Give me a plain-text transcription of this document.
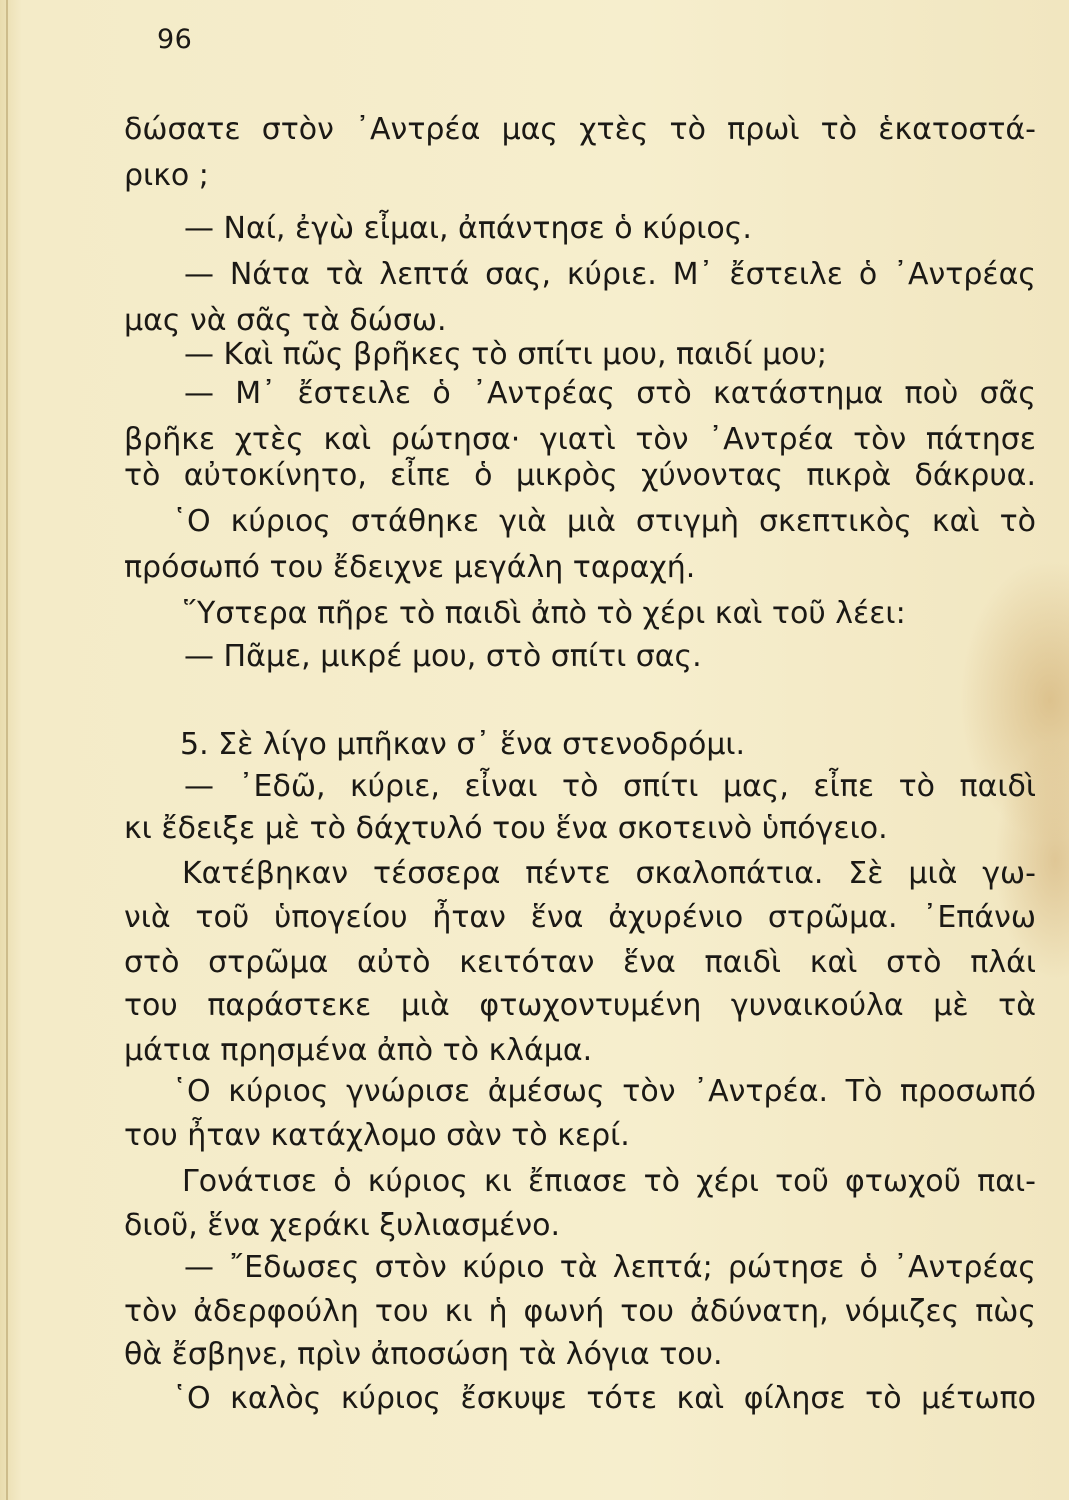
96
δώσατε στὸν ᾿Αντρέα μας χτὲς τὸ πρωὶ τὸ ἑκατοστά-
ρικο ;
— Ναί, ἐγὼ εἶμαι, ἀπάντησε ὁ κύριος.
— Νάτα τὰ λεπτά σας, κύριε. Μ᾿ ἔστειλε ὁ ᾿Αντρέας
μας νὰ σᾶς τὰ δώσω.
— Καὶ πῶς βρῆκες τὸ σπίτι μου, παιδί μου;
— Μ᾿ ἔστειλε ὁ ᾿Αντρέας στὸ κατάστημα ποὺ σᾶς
βρῆκε χτὲς καὶ ρώτησα· γιατὶ τὸν ᾿Αντρέα τὸν πάτησε
τὸ αὐτοκίνητο, εἶπε ὁ μικρὸς χύνοντας πικρὰ δάκρυα.
῾Ο κύριος στάθηκε γιὰ μιὰ στιγμὴ σκεπτικὸς καὶ τὸ
πρόσωπό του ἔδειχνε μεγάλη ταραχή.
῞Υστερα πῆρε τὸ παιδὶ ἀπὸ τὸ χέρι καὶ τοῦ λέει:
— Πᾶμε, μικρέ μου, στὸ σπίτι σας.
5. Σὲ λίγο μπῆκαν σ᾿ ἕνα στενοδρόμι.
— ᾿Εδῶ, κύριε, εἶναι τὸ σπίτι μας, εἶπε τὸ παιδὶ
κι ἔδειξε μὲ τὸ δάχτυλό του ἕνα σκοτεινὸ ὑπόγειο.
Κατέβηκαν τέσσερα πέντε σκαλοπάτια. Σὲ μιὰ γω-
νιὰ τοῦ ὑπογείου ἦταν ἕνα ἀχυρένιο στρῶμα. ᾿Επάνω
στὸ στρῶμα αὐτὸ κειτόταν ἕνα παιδὶ καὶ στὸ πλάι
του παράστεκε μιὰ φτωχοντυμένη γυναικούλα μὲ τὰ
μάτια πρησμένα ἀπὸ τὸ κλάμα.
῾Ο κύριος γνώρισε ἀμέσως τὸν ᾿Αντρέα. Τὸ προσωπό
του ἦταν κατάχλομο σὰν τὸ κερί.
Γονάτισε ὁ κύριος κι ἔπιασε τὸ χέρι τοῦ φτωχοῦ παι-
διοῦ, ἕνα χεράκι ξυλιασμένο.
— ῎Εδωσες στὸν κύριο τὰ λεπτά; ρώτησε ὁ ᾿Αντρέας
τὸν ἀδερφούλη του κι ἡ φωνή του ἀδύνατη, νόμιζες πὼς
θὰ ἔσβηνε, πρὶν ἀποσώση τὰ λόγια του.
῾Ο καλὸς κύριος ἔσκυψε τότε καὶ φίλησε τὸ μέτωπο
